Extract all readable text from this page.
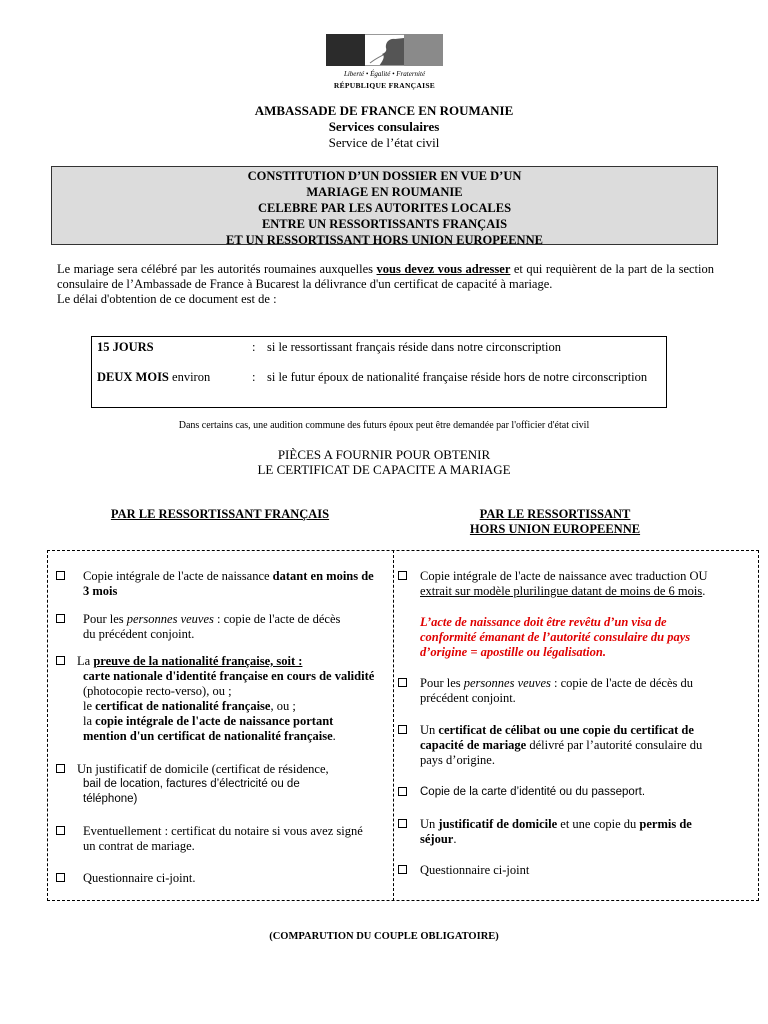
Liberté • Égalité • Fraternité
RÉPUBLIQUE FRANÇAISE
AMBASSADE DE FRANCE EN ROUMANIE
Services consulaires
Service de l’état civil
CONSTITUTION D’UN DOSSIER EN VUE D’UN
MARIAGE EN ROUMANIE
CELEBRE PAR LES AUTORITES LOCALES
ENTRE UN RESSORTISSANTS FRANÇAIS
ET UN RESSORTISSANT HORS UNION EUROPEENNE
Le mariage sera célébré par les autorités roumaines auxquelles vous devez vous adresser et qui requièrent de la part de la section consulaire de l’Ambassade de France à Bucarest la délivrance d'un certificat de capacité à mariage.
Le délai d'obtention de ce document est de :
15 JOURS	: si le ressortissant français réside dans notre circonscription
DEUX MOIS environ	: si le futur époux de nationalité française réside hors de notre circonscription
Dans certains cas, une audition commune des futurs époux peut être demandée par l'officier d'état civil
PIÈCES A FOURNIR POUR OBTENIR
LE CERTIFICAT DE CAPACITE A MARIAGE
PAR LE RESSORTISSANT FRANÇAIS	PAR LE RESSORTISSANT
HORS UNION EUROPEENNE
Copie intégrale de l'acte de naissance datant en moins de 3 mois
Pour les personnes veuves : copie de l'acte de décès du précédent conjoint.
La preuve de la nationalité française, soit :
carte nationale d'identité française en cours de validité (photocopie recto-verso), ou ;
le certificat de nationalité française, ou ;
la copie intégrale de l'acte de naissance portant mention d'un certificat de nationalité française.
Un justificatif de domicile (certificat de résidence,
bail de location, factures d’électricité ou de téléphone)
Eventuellement : certificat du notaire si vous avez signé un contrat de mariage.
Questionnaire ci-joint.
Copie intégrale de l'acte de naissance avec traduction OU extrait sur modèle plurilingue datant de moins de 6 mois.
L’acte de naissance doit être revêtu d’un visa de conformité émanant de l’autorité consulaire du pays d’origine = apostille ou légalisation.
Pour les personnes veuves : copie de l'acte de décès du précédent conjoint.
Un certificat de célibat ou une copie du certificat de capacité de mariage délivré par l’autorité consulaire du pays d’origine.
Copie de la carte d’identité ou du passeport.
Un justificatif de domicile et une copie du permis de séjour.
Questionnaire ci-joint
(COMPARUTION DU COUPLE OBLIGATOIRE)
